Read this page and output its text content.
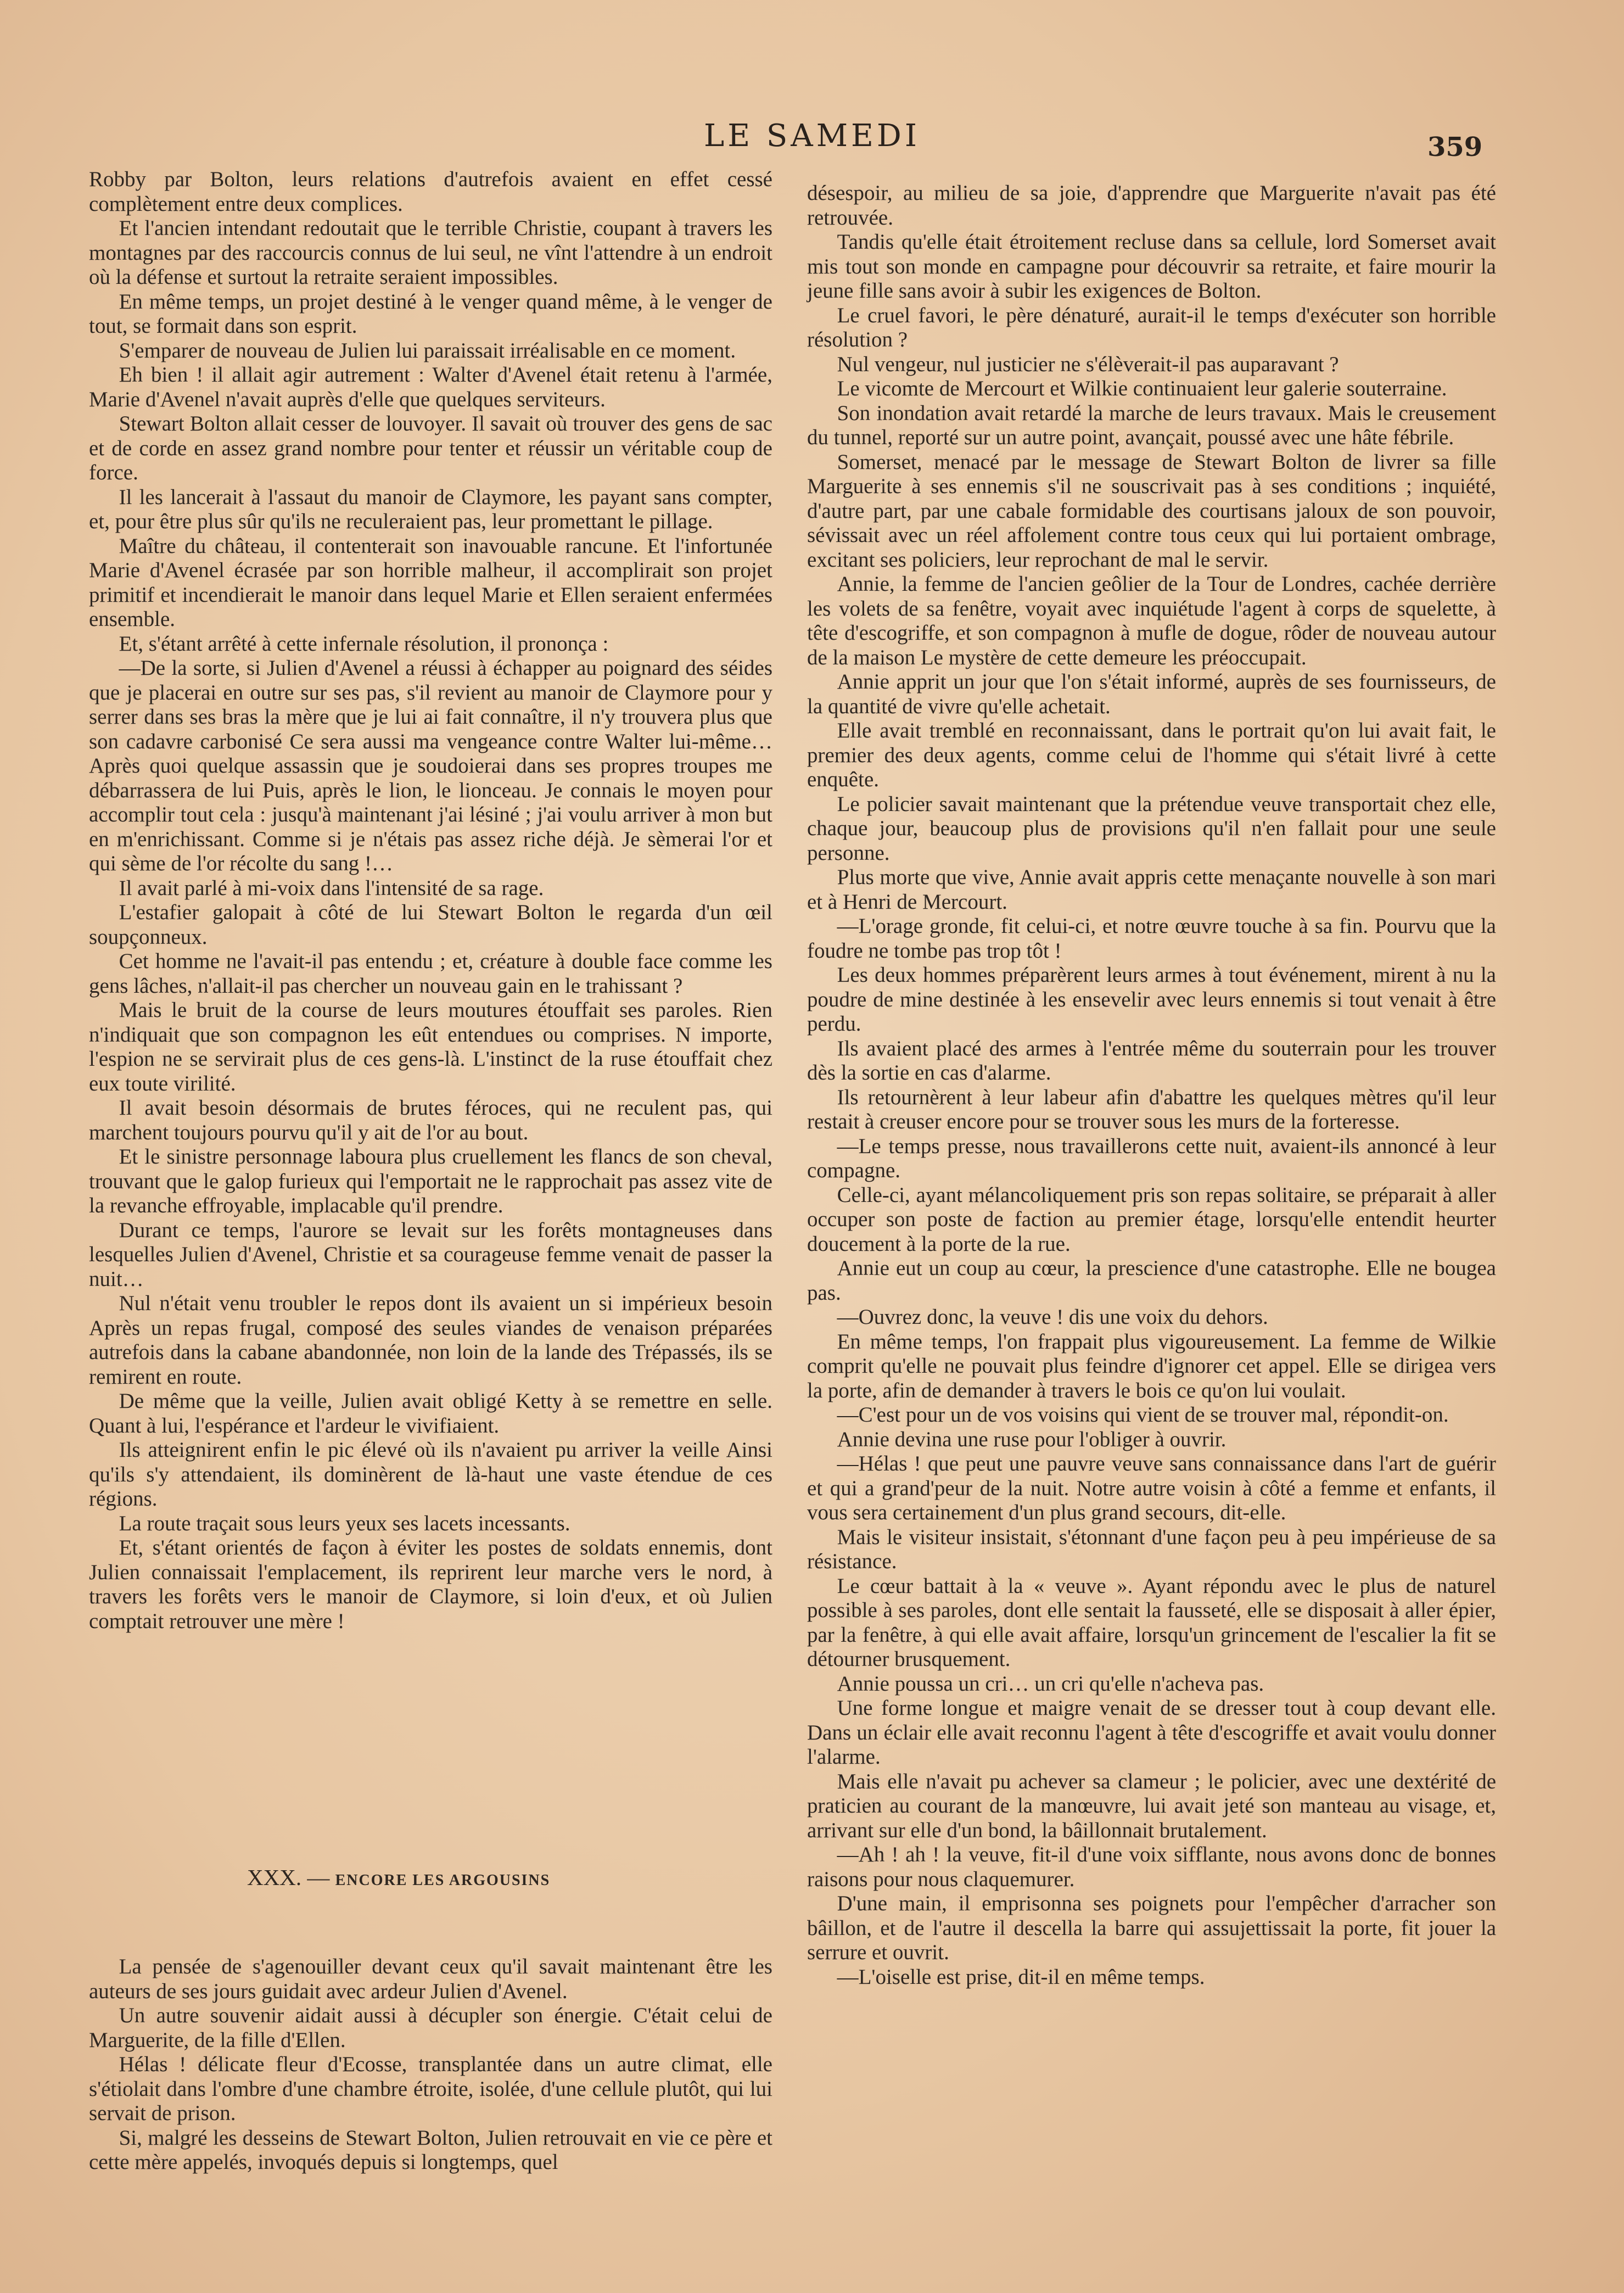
LE SAMEDI	359

Robby par Bolton, leurs relations d'autrefois avaient en effet cessé complètement entre deux complices.

Et l'ancien intendant redoutait que le terrible Christie, coupant à travers les montagnes par des raccourcis connus de lui seul, ne vînt l'attendre à un endroit où la défense et surtout la retraite seraient impossibles.

En même temps, un projet destiné à le venger quand même, à le venger de tout, se formait dans son esprit.

S'emparer de nouveau de Julien lui paraissait irréalisable en ce moment.

Eh bien ! il allait agir autrement : Walter d'Avenel était retenu à l'armée, Marie d'Avenel n'avait auprès d'elle que quelques serviteurs.

Stewart Bolton allait cesser de louvoyer. Il savait où trouver des gens de sac et de corde en assez grand nombre pour tenter et réussir un véritable coup de force.

Il les lancerait à l'assaut du manoir de Claymore, les payant sans compter, et, pour être plus sûr qu'ils ne reculeraient pas, leur promettant le pillage.

Maître du château, il contenterait son inavouable rancune. Et l'infortunée Marie d'Avenel écrasée par son horrible malheur, il accomplirait son projet primitif et incendierait le manoir dans lequel Marie et Ellen seraient enfermées ensemble.

Et, s'étant arrêté à cette infernale résolution, il prononça :

—De la sorte, si Julien d'Avenel a réussi à échapper au poignard des séides que je placerai en outre sur ses pas, s'il revient au manoir de Claymore pour y serrer dans ses bras la mère que je lui ai fait connaître, il n'y trouvera plus que son cadavre carbonisé Ce sera aussi ma vengeance contre Walter lui-même… Après quoi quelque assassin que je soudoierai dans ses propres troupes me débarrassera de lui Puis, après le lion, le lionceau. Je connais le moyen pour accomplir tout cela : jusqu'à maintenant j'ai lésiné ; j'ai voulu arriver à mon but en m'enrichissant. Comme si je n'étais pas assez riche déjà. Je sèmerai l'or et qui sème de l'or récolte du sang !…

Il avait parlé à mi-voix dans l'intensité de sa rage.

L'estafier galopait à côté de lui Stewart Bolton le regarda d'un œil soupçonneux.

Cet homme ne l'avait-il pas entendu ; et, créature à double face comme les gens lâches, n'allait-il pas chercher un nouveau gain en le trahissant ?

Mais le bruit de la course de leurs moutures étouffait ses paroles. Rien n'indiquait que son compagnon les eût entendues ou comprises. N importe, l'espion ne se servirait plus de ces gens-là. L'instinct de la ruse étouffait chez eux toute virilité.

Il avait besoin désormais de brutes féroces, qui ne reculent pas, qui marchent toujours pourvu qu'il y ait de l'or au bout.

Et le sinistre personnage laboura plus cruellement les flancs de son cheval, trouvant que le galop furieux qui l'emportait ne le rapprochait pas assez vite de la revanche effroyable, implacable qu'il prendre.

Durant ce temps, l'aurore se levait sur les forêts montagneuses dans lesquelles Julien d'Avenel, Christie et sa courageuse femme venait de passer la nuit…

Nul n'était venu troubler le repos dont ils avaient un si impérieux besoin Après un repas frugal, composé des seules viandes de venaison préparées autrefois dans la cabane abandonnée, non loin de la lande des Trépassés, ils se remirent en route.

De même que la veille, Julien avait obligé Ketty à se remettre en selle. Quant à lui, l'espérance et l'ardeur le vivifiaient.

Ils atteignirent enfin le pic élevé où ils n'avaient pu arriver la veille Ainsi qu'ils s'y attendaient, ils dominèrent de là-haut une vaste étendue de ces régions.

La route traçait sous leurs yeux ses lacets incessants.

Et, s'étant orientés de façon à éviter les postes de soldats ennemis, dont Julien connaissait l'emplacement, ils reprirent leur marche vers le nord, à travers les forêts vers le manoir de Claymore, si loin d'eux, et où Julien comptait retrouver une mère !

XXX. — ENCORE LES ARGOUSINS

La pensée de s'agenouiller devant ceux qu'il savait maintenant être les auteurs de ses jours guidait avec ardeur Julien d'Avenel.

Un autre souvenir aidait aussi à décupler son énergie. C'était celui de Marguerite, de la fille d'Ellen.

Hélas ! délicate fleur d'Ecosse, transplantée dans un autre climat, elle s'étiolait dans l'ombre d'une chambre étroite, isolée, d'une cellule plutôt, qui lui servait de prison.

Si, malgré les desseins de Stewart Bolton, Julien retrouvait en vie ce père et cette mère appelés, invoqués depuis si longtemps, quel

désespoir, au milieu de sa joie, d'apprendre que Marguerite n'avait pas été retrouvée.

Tandis qu'elle était étroitement recluse dans sa cellule, lord Somerset avait mis tout son monde en campagne pour découvrir sa retraite, et faire mourir la jeune fille sans avoir à subir les exigences de Bolton.

Le cruel favori, le père dénaturé, aurait-il le temps d'exécuter son horrible résolution ?

Nul vengeur, nul justicier ne s'élèverait-il pas auparavant ?

Le vicomte de Mercourt et Wilkie continuaient leur galerie souterraine.

Son inondation avait retardé la marche de leurs travaux. Mais le creusement du tunnel, reporté sur un autre point, avançait, poussé avec une hâte fébrile.

Somerset, menacé par le message de Stewart Bolton de livrer sa fille Marguerite à ses ennemis s'il ne souscrivait pas à ses conditions ; inquiété, d'autre part, par une cabale formidable des courtisans jaloux de son pouvoir, sévissait avec un réel affolement contre tous ceux qui lui portaient ombrage, excitant ses policiers, leur reprochant de mal le servir.

Annie, la femme de l'ancien geôlier de la Tour de Londres, cachée derrière les volets de sa fenêtre, voyait avec inquiétude l'agent à corps de squelette, à tête d'escogriffe, et son compagnon à mufle de dogue, rôder de nouveau autour de la maison Le mystère de cette demeure les préoccupait.

Annie apprit un jour que l'on s'était informé, auprès de ses fournisseurs, de la quantité de vivre qu'elle achetait.

Elle avait tremblé en reconnaissant, dans le portrait qu'on lui avait fait, le premier des deux agents, comme celui de l'homme qui s'était livré à cette enquête.

Le policier savait maintenant que la prétendue veuve transportait chez elle, chaque jour, beaucoup plus de provisions qu'il n'en fallait pour une seule personne.

Plus morte que vive, Annie avait appris cette menaçante nouvelle à son mari et à Henri de Mercourt.

—L'orage gronde, fit celui-ci, et notre œuvre touche à sa fin. Pourvu que la foudre ne tombe pas trop tôt !

Les deux hommes préparèrent leurs armes à tout événement, mirent à nu la poudre de mine destinée à les ensevelir avec leurs ennemis si tout venait à être perdu.

Ils avaient placé des armes à l'entrée même du souterrain pour les trouver dès la sortie en cas d'alarme.

Ils retournèrent à leur labeur afin d'abattre les quelques mètres qu'il leur restait à creuser encore pour se trouver sous les murs de la forteresse.

—Le temps presse, nous travaillerons cette nuit, avaient-ils annoncé à leur compagne.

Celle-ci, ayant mélancoliquement pris son repas solitaire, se préparait à aller occuper son poste de faction au premier étage, lorsqu'elle entendit heurter doucement à la porte de la rue.

Annie eut un coup au cœur, la prescience d'une catastrophe. Elle ne bougea pas.

—Ouvrez donc, la veuve ! dis une voix du dehors.

En même temps, l'on frappait plus vigoureusement. La femme de Wilkie comprit qu'elle ne pouvait plus feindre d'ignorer cet appel. Elle se dirigea vers la porte, afin de demander à travers le bois ce qu'on lui voulait.

—C'est pour un de vos voisins qui vient de se trouver mal, répondit-on.

Annie devina une ruse pour l'obliger à ouvrir.

—Hélas ! que peut une pauvre veuve sans connaissance dans l'art de guérir et qui a grand'peur de la nuit. Notre autre voisin à côté a femme et enfants, il vous sera certainement d'un plus grand secours, dit-elle.

Mais le visiteur insistait, s'étonnant d'une façon peu à peu impérieuse de sa résistance.

Le cœur battait à la « veuve ». Ayant répondu avec le plus de naturel possible à ses paroles, dont elle sentait la fausseté, elle se disposait à aller épier, par la fenêtre, à qui elle avait affaire, lorsqu'un grincement de l'escalier la fit se détourner brusquement.

Annie poussa un cri… un cri qu'elle n'acheva pas.

Une forme longue et maigre venait de se dresser tout à coup devant elle. Dans un éclair elle avait reconnu l'agent à tête d'escogriffe et avait voulu donner l'alarme.

Mais elle n'avait pu achever sa clameur ; le policier, avec une dextérité de praticien au courant de la manœuvre, lui avait jeté son manteau au visage, et, arrivant sur elle d'un bond, la bâillonnait brutalement.

—Ah ! ah ! la veuve, fit-il d'une voix sifflante, nous avons donc de bonnes raisons pour nous claquemurer.

D'une main, il emprisonna ses poignets pour l'empêcher d'arracher son bâillon, et de l'autre il descella la barre qui assujettissait la porte, fit jouer la serrure et ouvrit.

—L'oiselle est prise, dit-il en même temps.
